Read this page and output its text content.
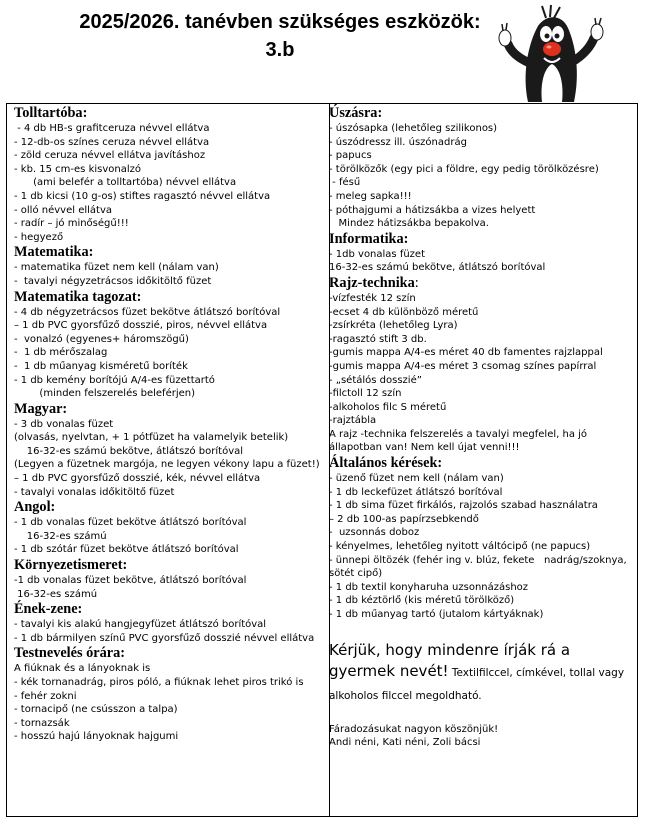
2025/2026. tanévben szükséges eszközök:
3.b
Tolltartóba:
- 4 db HB-s grafitceruza névvel ellátva
- 12-db-os színes ceruza névvel ellátva
- zöld ceruza névvel ellátva javításhoz
- kb. 15 cm-es kisvonalzó
(ami belefér a tolltartóba) névvel ellátva
- 1 db kicsi (10 g-os) stiftes ragasztó névvel ellátva
- olló névvel ellátva
- radír – jó minőségű!!!
- hegyező
Matematika:
- matematika füzet nem kell (nálam van)
-  tavalyi négyzetrácsos időkitöltő füzet
Matematika tagozat:
- 4 db négyzetrácsos füzet bekötve átlátszó borítóval
– 1 db PVC gyorsfűző dosszié, piros, névvel ellátva
-  vonalzó (egyenes+ háromszögű)
-  1 db mérőszalag
-  1 db műanyag kisméretű boríték
- 1 db kemény borítójú A/4-es füzettartó
(minden felszerelés beleférjen)
Magyar:
- 3 db vonalas füzet
(olvasás, nyelvtan, + 1 pótfüzet ha valamelyik betelik)
16-32-es számú bekötve, átlátszó borítóval
(Legyen a füzetnek margója, ne legyen vékony lapu a füzet!)
– 1 db PVC gyorsfűző dosszié, kék, névvel ellátva
- tavalyi vonalas időkitöltő füzet
Angol:
- 1 db vonalas füzet bekötve átlátszó borítóval
16-32-es számú
- 1 db szótár füzet bekötve átlátszó borítóval
Környezetismeret:
-1 db vonalas füzet bekötve, átlátszó borítóval
16-32-es számú
Ének-zene:
- tavalyi kis alakú hangjegyfüzet átlátszó borítóval
- 1 db bármilyen színű PVC gyorsfűző dosszié névvel ellátva
Testnevelés órára:
A fiúknak és a lányoknak is
- kék tornanadrág, piros póló, a fiúknak lehet piros trikó is
- fehér zokni
- tornacipő (ne csússzon a talpa)
- tornazsák
- hosszú hajú lányoknak hajgumi
Úszásra:
- úszósapka (lehetőleg szilikonos)
- úszódressz ill. úszónadrág
- papucs
- törölközők (egy pici a földre, egy pedig törölközésre)
- fésű
- meleg sapka!!!
- póthajgumi a hátizsákba a vizes helyett
Mindez hátizsákba bepakolva.
Informatika:
- 1db vonalas füzet
16-32-es számú bekötve, átlátszó borítóval
Rajz-technika:
-vízfesték 12 szín
-ecset 4 db különböző méretű
-zsírkréta (lehetőleg Lyra)
-ragasztó stift 3 db.
-gumis mappa A/4-es méret 40 db famentes rajzlappal
-gumis mappa A/4-es méret 3 csomag színes papírral
- „sétálós dosszié”
-filctoll 12 szín
-alkoholos filc S méretű
-rajztábla
A rajz -technika felszerelés a tavalyi megfelel, ha jó
állapotban van! Nem kell újat venni!!!
Általános kérések:
- üzenő füzet nem kell (nálam van)
- 1 db leckefüzet átlátszó borítóval
- 1 db sima füzet firkálós, rajzolós szabad használatra
– 2 db 100-as papírzsebkendő
-  uzsonnás doboz
- kényelmes, lehetőleg nyitott váltócipő (ne papucs)
- ünnepi öltözék (fehér ing v. blúz, fekete   nadrág/szoknya,
sötét cipő)
- 1 db textil konyharuha uzsonnázáshoz
- 1 db kéztörlő (kis méretű törölköző)
- 1 db műanyag tartó (jutalom kártyáknak)
Kérjük, hogy mindenre írják rá a gyermek nevét! Textilfilccel, címkével, tollal vagy alkoholos filccel megoldható.
Fáradozásukat nagyon köszönjük!
Andi néni, Kati néni, Zoli bácsi
